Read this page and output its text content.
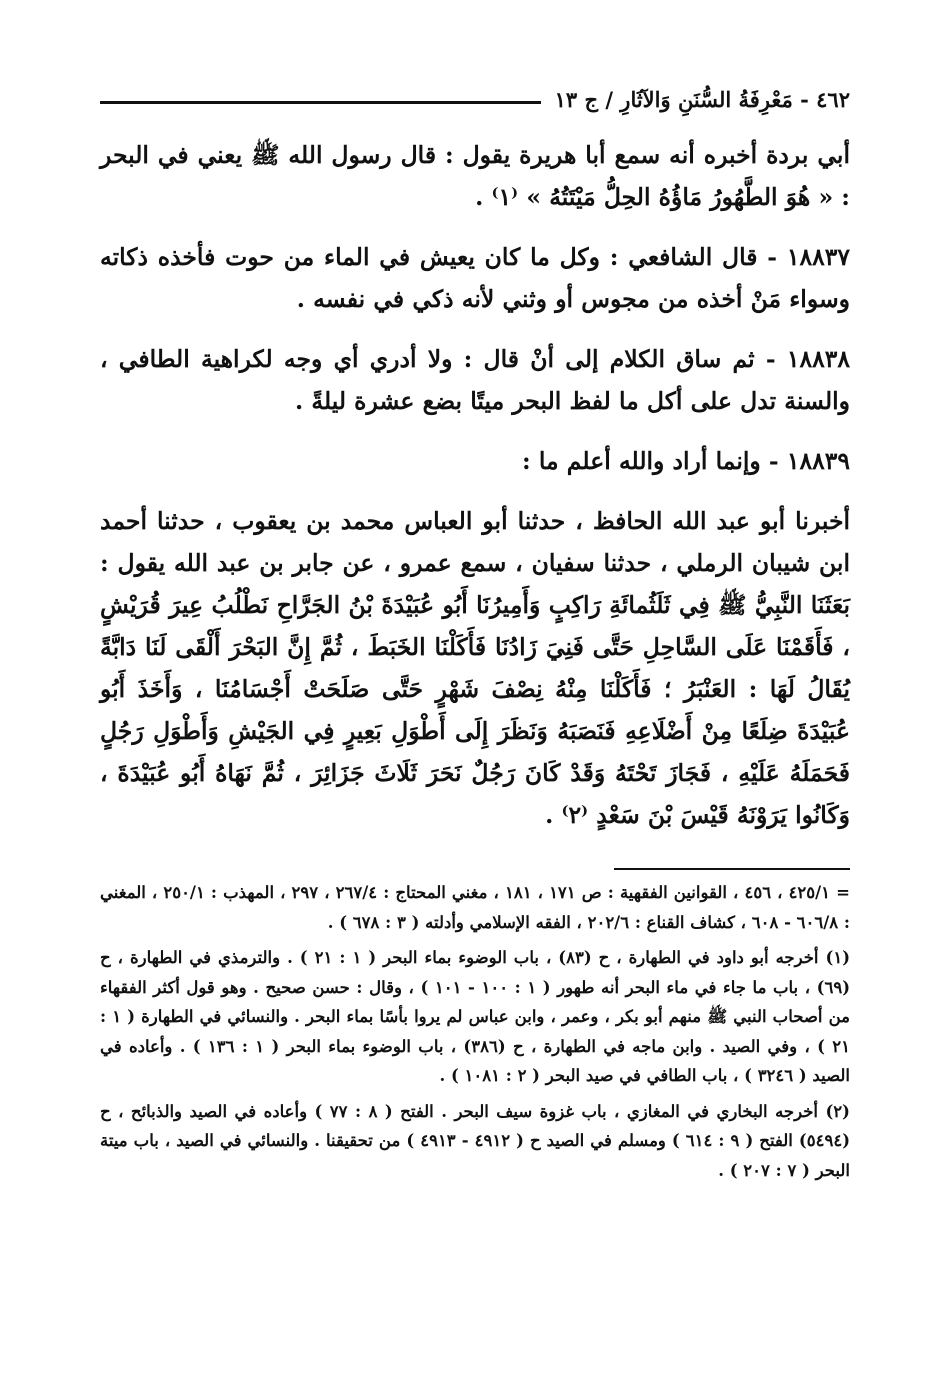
٤٦٢ - مَعْرِفَةُ السُّنَنِ وَالآثَارِ / ج ١٣

أبي بردة أخبره أنه سمع أبا هريرة يقول : قال رسول الله ﷺ يعني في البحر : « هُوَ الطَّهُورُ مَاؤُهُ الحِلُّ مَيْتَتُهُ » ⁽١⁾ .

١٨٨٣٧ - قال الشافعي : وكل ما كان يعيش في الماء من حوت فأخذه ذكاته وسواء مَنْ أخذه من مجوس أو وثني لأنه ذكي في نفسه .

١٨٨٣٨ - ثم ساق الكلام إلى أنْ قال : ولا أدري أي وجه لكراهية الطافي ، والسنة تدل على أكل ما لفظ البحر ميتًا بضع عشرة ليلةً .

١٨٨٣٩ - وإنما أراد والله أعلم ما :

أخبرنا أبو عبد الله الحافظ ، حدثنا أبو العباس محمد بن يعقوب ، حدثنا أحمد ابن شيبان الرملي ، حدثنا سفيان ، سمع عمرو ، عن جابر بن عبد الله يقول : بَعَثَنَا النَّبِيُّ ﷺ فِي ثَلَثُمائَةِ رَاكِبٍ وَأَمِيرُنَا أَبُو عُبَيْدَةَ بْنُ الجَرَّاحِ نَطْلُبُ عِيرَ قُرَيْشٍ ، فَأَقَمْنَا عَلَى السَّاحِلِ حَتَّى فَنِيَ زَادُنَا فَأَكَلْنَا الخَبَطَ ، ثُمَّ إِنَّ البَحْرَ أَلْقَى لَنَا دَابَّةً يُقَالُ لَهَا : العَنْبَرُ ؛ فَأَكَلْنَا مِنْهُ نِصْفَ شَهْرٍ حَتَّى صَلَحَتْ أَجْسَامُنَا ، وَأَخَذَ أَبُو عُبَيْدَةَ ضِلَعًا مِنْ أَضْلَاعِهِ فَنَصَبَهُ وَنَظَرَ إِلَى أَطْوَلِ بَعِيرٍ فِي الجَيْشِ وَأَطْوَلِ رَجُلٍ فَحَمَلَهُ عَلَيْهِ ، فَجَازَ تَحْتَهُ وَقَدْ كَانَ رَجُلٌ نَحَرَ ثَلَاثَ جَزَائِرَ ، ثُمَّ نَهَاهُ أَبُو عُبَيْدَةَ ، وَكَانُوا يَرَوْنَهُ قَيْسَ بْنَ سَعْدٍ ⁽٢⁾ .

= ٤٢٥/١ ، ٤٥٦ ، القوانين الفقهية : ص ١٧١ ، ١٨١ ، مغني المحتاج : ٢٦٧/٤ ، ٢٩٧ ، المهذب : ٢٥٠/١ ، المغني : ٦٠٦/٨ - ٦٠٨ ، كشاف القناع : ٢٠٢/٦ ، الفقه الإسلامي وأدلته ( ٣ : ٦٧٨ ) .

(١) أخرجه أبو داود في الطهارة ، ح (٨٣) ، باب الوضوء بماء البحر ( ١ : ٢١ ) . والترمذي في الطهارة ، ح (٦٩) ، باب ما جاء في ماء البحر أنه طهور ( ١ : ١٠٠ - ١٠١ ) ، وقال : حسن صحيح . وهو قول أكثر الفقهاء من أصحاب النبي ﷺ منهم أبو بكر ، وعمر ، وابن عباس لم يروا بأسًا بماء البحر . والنسائي في الطهارة ( ١ : ٢١ ) ، وفي الصيد . وابن ماجه في الطهارة ، ح (٣٨٦) ، باب الوضوء بماء البحر ( ١ : ١٣٦ ) . وأعاده في الصيد ( ٣٢٤٦ ) ، باب الطافي في صيد البحر ( ٢ : ١٠٨١ ) .

(٢) أخرجه البخاري في المغازي ، باب غزوة سيف البحر . الفتح ( ٨ : ٧٧ ) وأعاده في الصيد والذبائح ، ح (٥٤٩٤) الفتح ( ٩ : ٦١٤ ) ومسلم في الصيد ح ( ٤٩١٢ - ٤٩١٣ ) من تحقيقنا . والنسائي في الصيد ، باب ميتة البحر ( ٧ : ٢٠٧ ) .
